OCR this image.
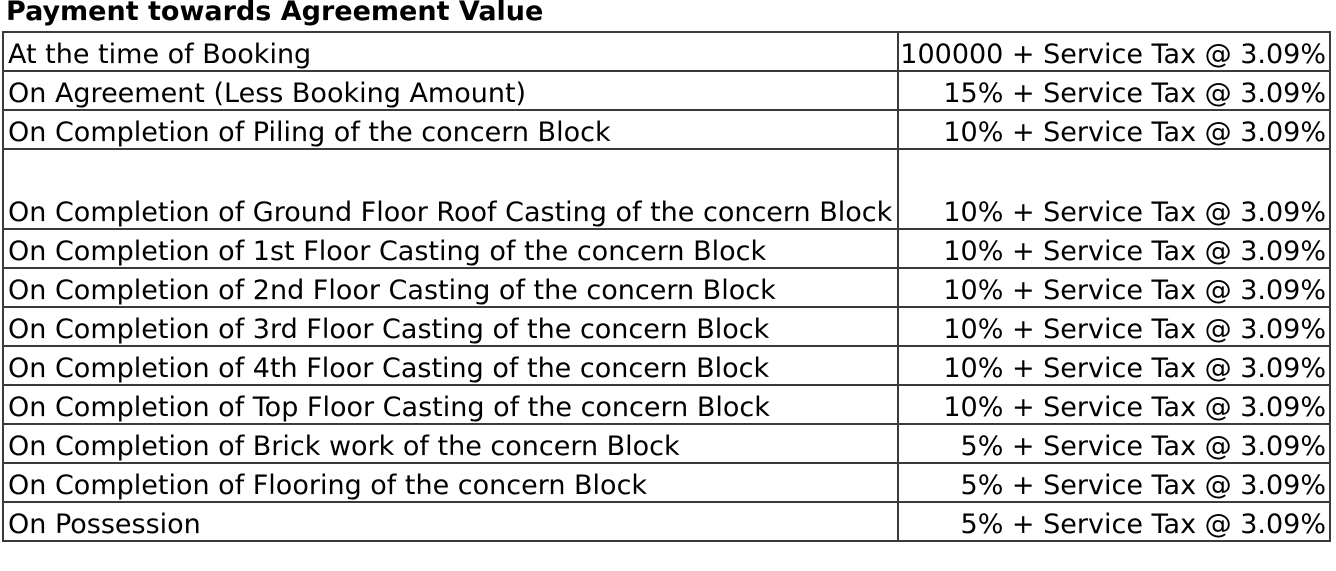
Payment towards Agreement Value
At the time of Booking	100000 + Service Tax @ 3.09%
On Agreement (Less Booking Amount)	15% + Service Tax @ 3.09%
On Completion of Piling of the concern Block	10% + Service Tax @ 3.09%
On Completion of Ground Floor Roof Casting of the concern Block	10% + Service Tax @ 3.09%
On Completion of 1st Floor Casting of the concern Block	10% + Service Tax @ 3.09%
On Completion of 2nd Floor Casting of the concern Block	10% + Service Tax @ 3.09%
On Completion of 3rd Floor Casting of the concern Block	10% + Service Tax @ 3.09%
On Completion of 4th Floor Casting of the concern Block	10% + Service Tax @ 3.09%
On Completion of Top Floor Casting of the concern Block	10% + Service Tax @ 3.09%
On Completion of Brick work of the concern Block	5% + Service Tax @ 3.09%
On Completion of Flooring of the concern Block	5% + Service Tax @ 3.09%
On Possession	5% + Service Tax @ 3.09%
